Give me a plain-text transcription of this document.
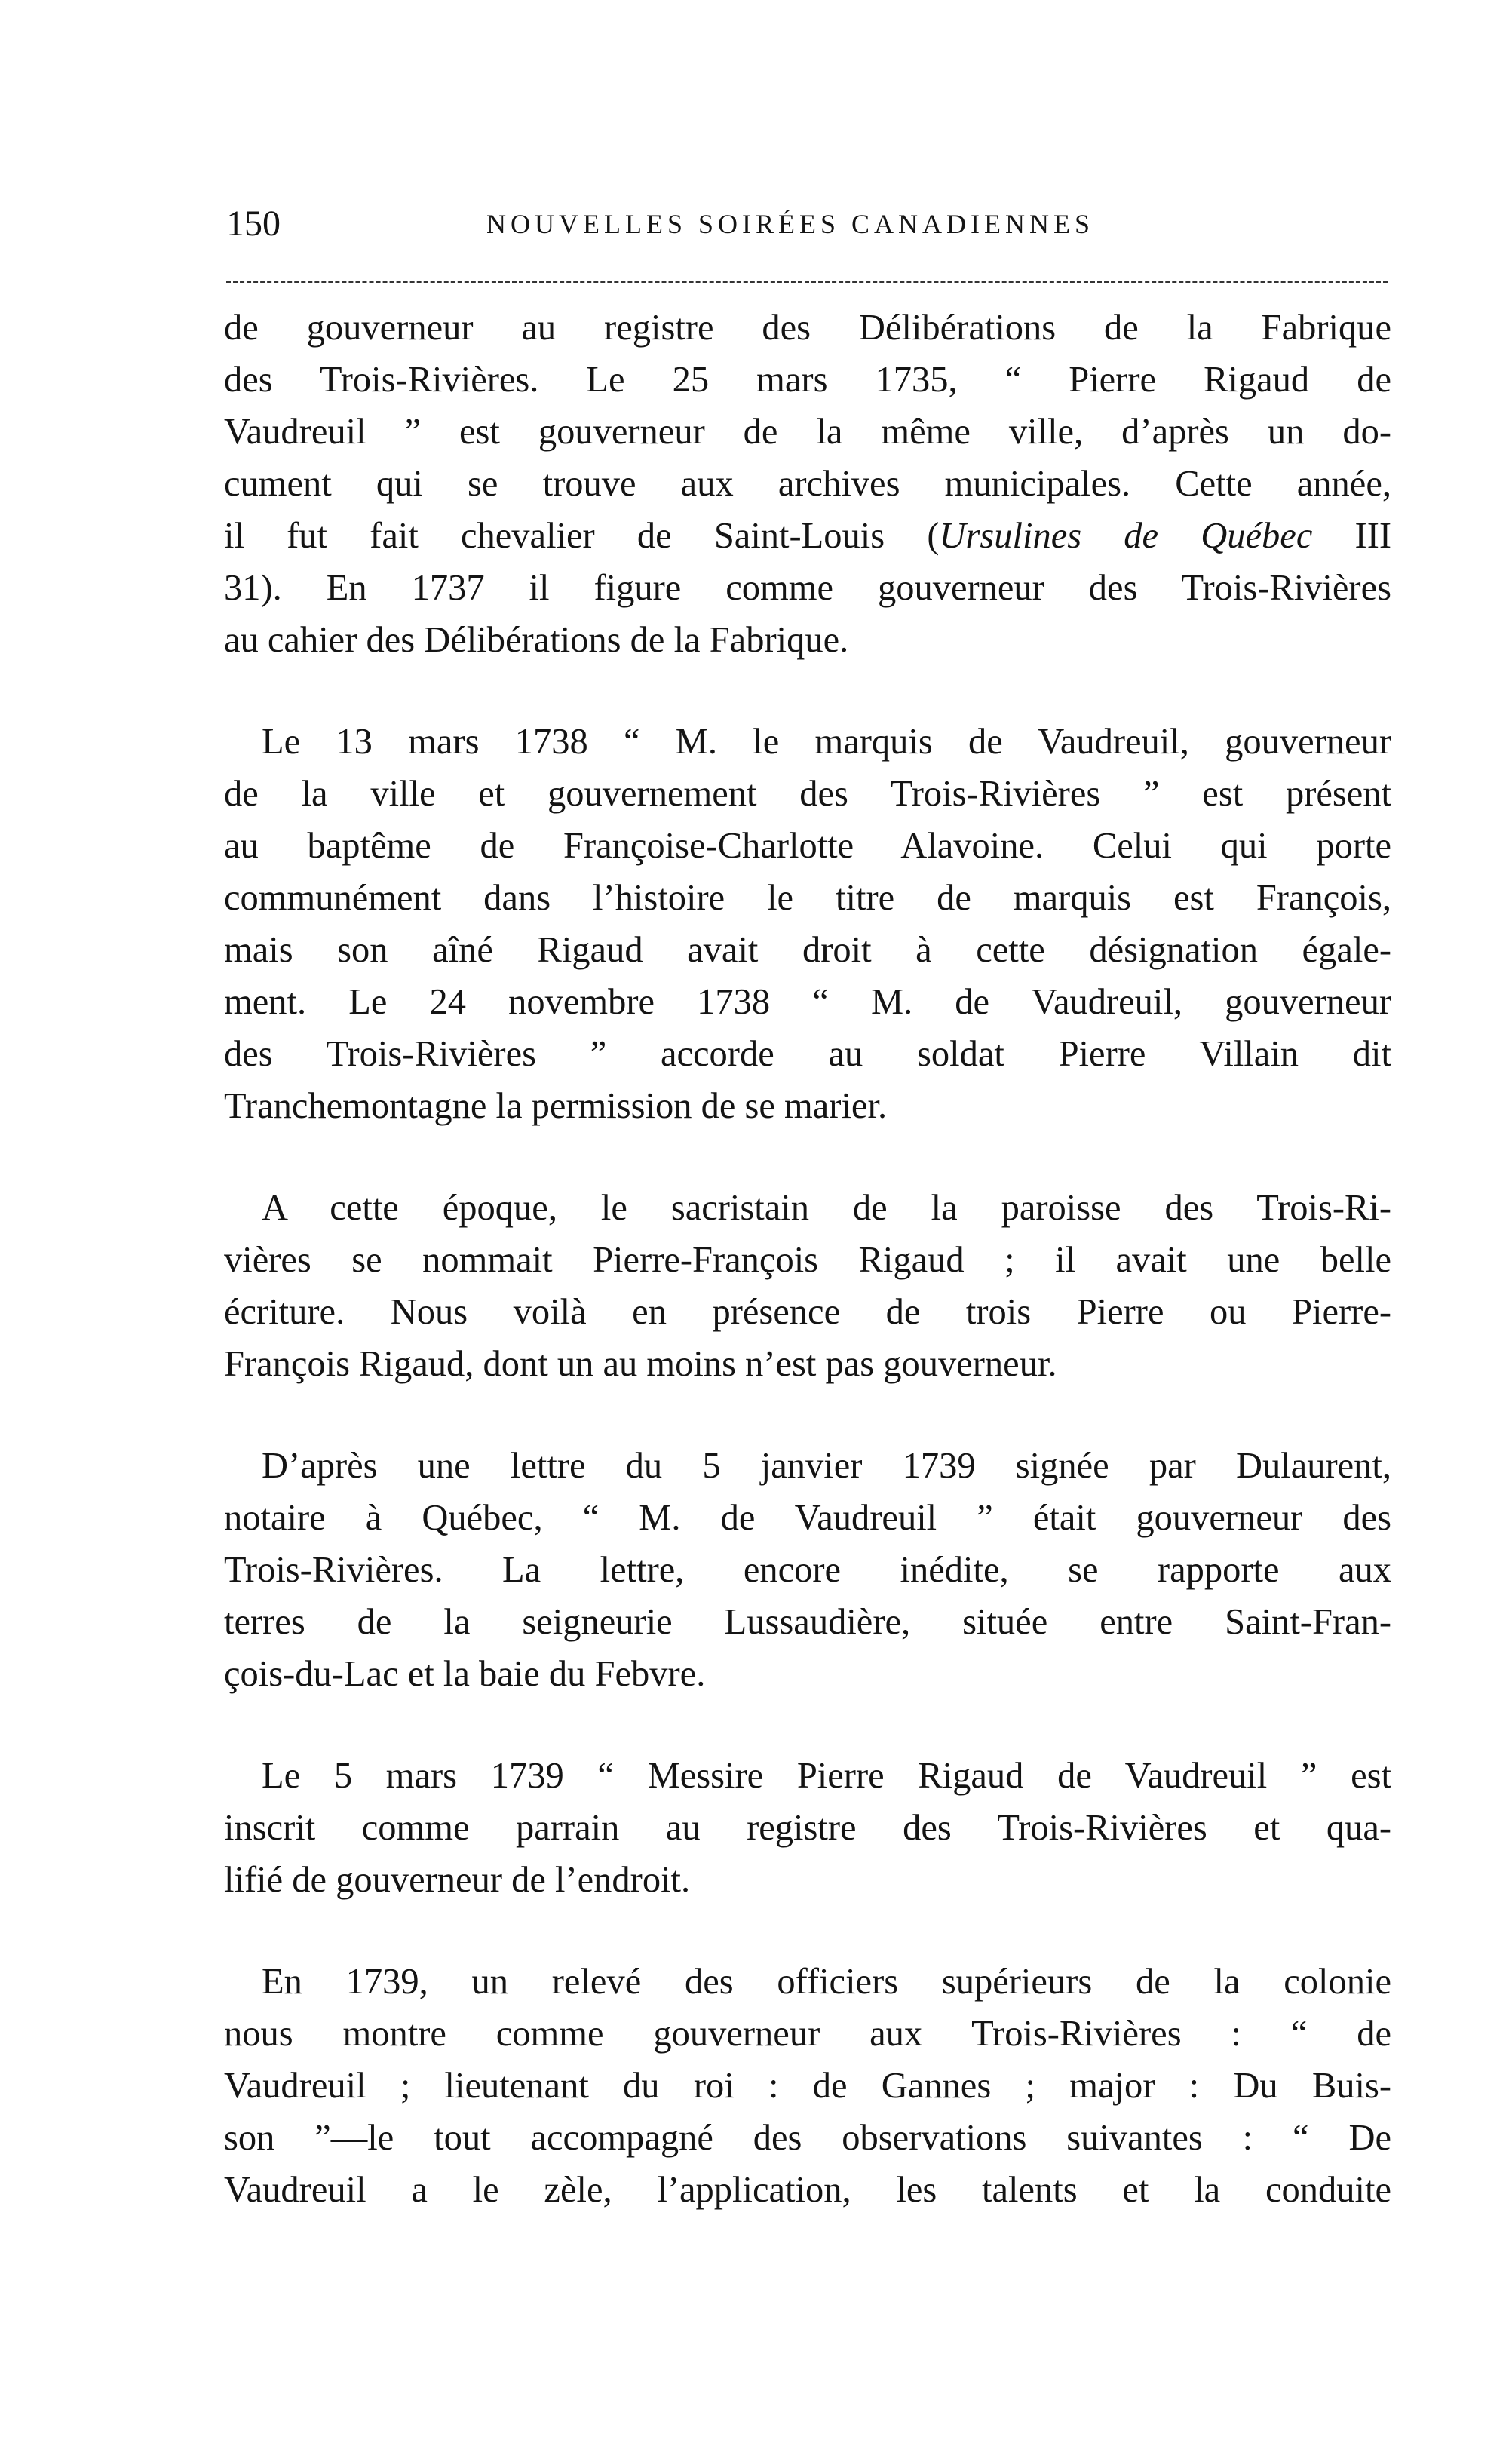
150	NOUVELLES SOIRÉES CANADIENNES

de gouverneur au registre des Délibérations de la Fabrique
des Trois-Rivières. Le 25 mars 1735, “ Pierre Rigaud de
Vaudreuil ” est gouverneur de la même ville, d’après un do-
cument qui se trouve aux archives municipales. Cette année,
il fut fait chevalier de Saint-Louis (Ursulines de Québec III
31). En 1737 il figure comme gouverneur des Trois-Rivières
au cahier des Délibérations de la Fabrique.

Le 13 mars 1738 “ M. le marquis de Vaudreuil, gouverneur
de la ville et gouvernement des Trois-Rivières ” est présent
au baptême de Françoise-Charlotte Alavoine. Celui qui porte
communément dans l’histoire le titre de marquis est François,
mais son aîné Rigaud avait droit à cette désignation égale-
ment. Le 24 novembre 1738 “ M. de Vaudreuil, gouverneur
des Trois-Rivières ” accorde au soldat Pierre Villain dit
Tranchemontagne la permission de se marier.

A cette époque, le sacristain de la paroisse des Trois-Ri-
vières se nommait Pierre-François Rigaud ; il avait une belle
écriture. Nous voilà en présence de trois Pierre ou Pierre-
François Rigaud, dont un au moins n’est pas gouverneur.

D’après une lettre du 5 janvier 1739 signée par Dulaurent,
notaire à Québec, “ M. de Vaudreuil ” était gouverneur des
Trois-Rivières. La lettre, encore inédite, se rapporte aux
terres de la seigneurie Lussaudière, située entre Saint-Fran-
çois-du-Lac et la baie du Febvre.

Le 5 mars 1739 “ Messire Pierre Rigaud de Vaudreuil ” est
inscrit comme parrain au registre des Trois-Rivières et qua-
lifié de gouverneur de l’endroit.

En 1739, un relevé des officiers supérieurs de la colonie
nous montre comme gouverneur aux Trois-Rivières : “ de
Vaudreuil ; lieutenant du roi : de Gannes ; major : Du Buis-
son ”—le tout accompagné des observations suivantes : “ De
Vaudreuil a le zèle, l’application, les talents et la conduite
